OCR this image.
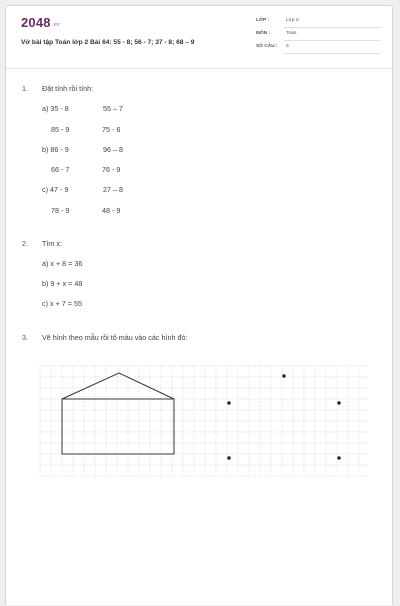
$2048^{.vn}$
Vở bài tập Toán lớp 2 Bài 64: 55 - 8; 56 - 7; 37 - 8; 68 – 9
LỚP :	Lớp 2
MÔN :	Toán
SỐ CÂU : 3
1. Đặt tính rồi tính:
a) 35 - 8	55 – 7
85 - 9	75 - 6
b) 86 - 9	96 – 8
66 - 7	76 - 9
c) 47 - 9	27 – 8
78 - 9	48 - 9
2. Tìm x:
a) x + 8 = 36
b) 9 + x = 48
c) x + 7 = 55
3. Vẽ hình theo mẫu rồi tô màu vào các hình đó:
